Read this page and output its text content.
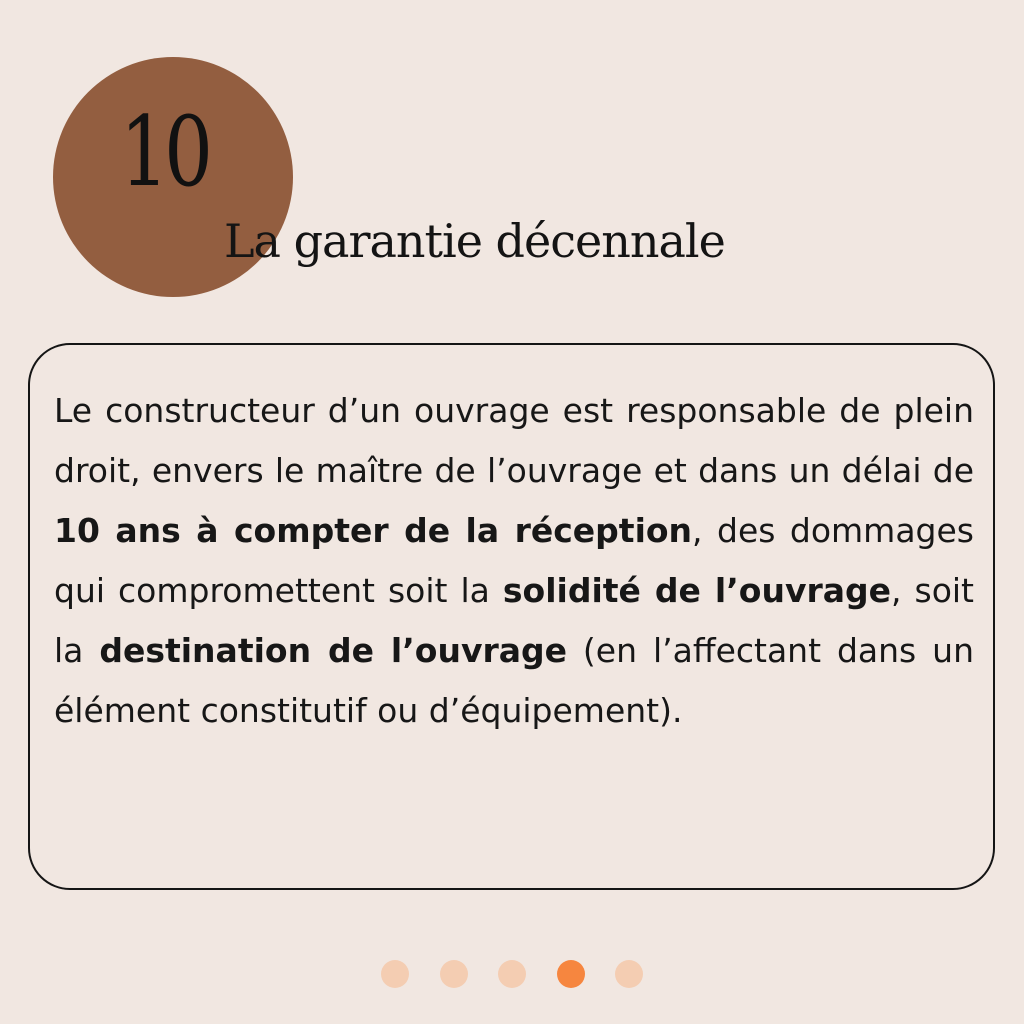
10
La garantie décennale
Le constructeur d’un ouvrage est responsable de plein droit, envers le maître de l’ouvrage et dans un délai de 10 ans à compter de la réception, des dommages qui compromettent soit la solidité de l’ouvrage, soit la destination de l’ouvrage (en l’affectant dans un élément constitutif ou d’équipement).
